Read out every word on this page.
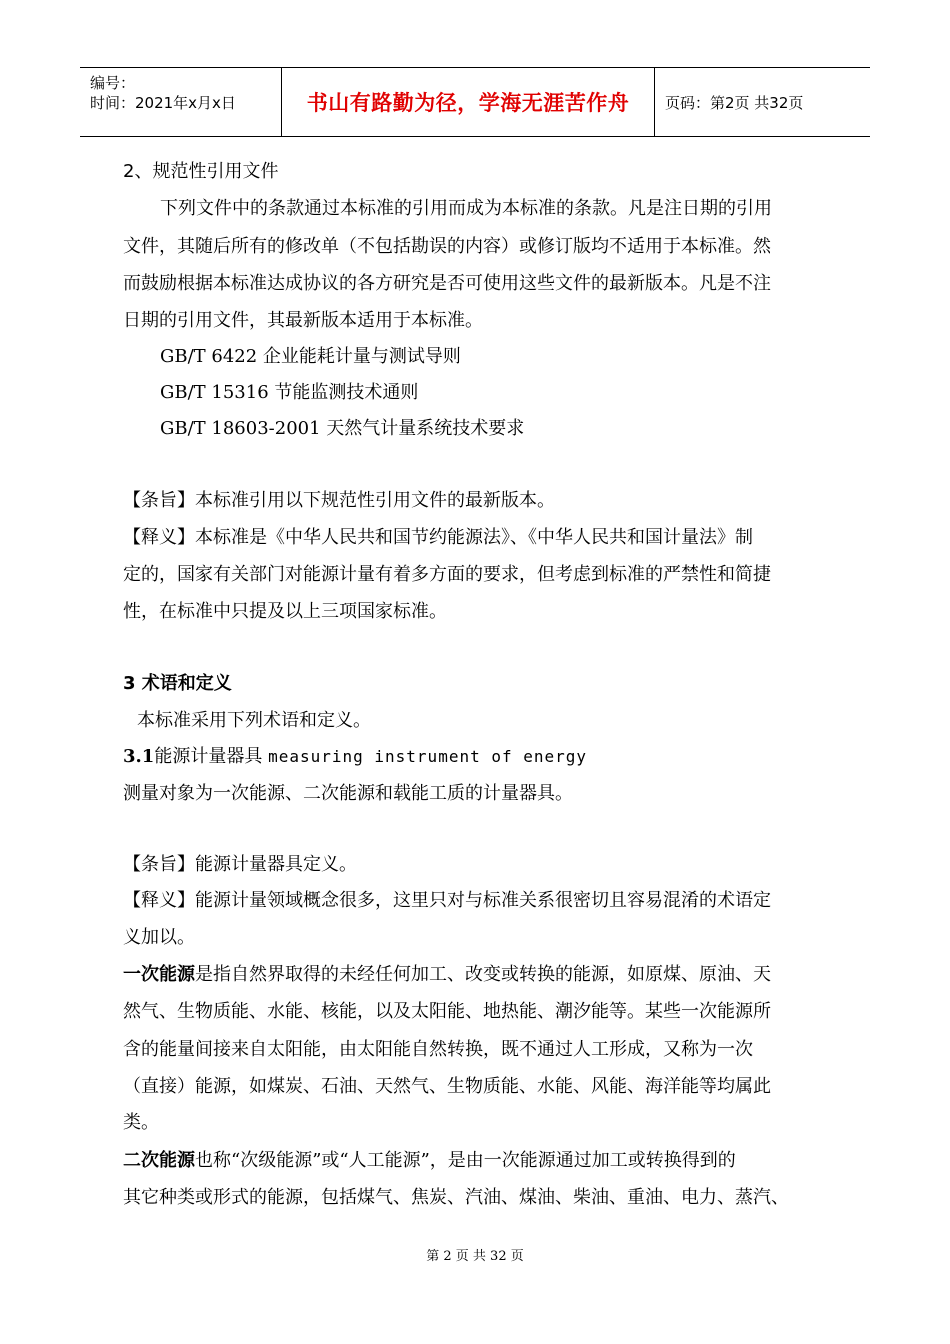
编号：
时间：2021年x月x日	书山有路勤为径，学海无涯苦作舟 页码：第2页 共32页
2、规范性引用文件
下列文件中的条款通过本标准的引用而成为本标准的条款。凡是注日期的引用
文件，其随后所有的修改单（不包括勘误的内容）或修订版均不适用于本标准。然
而鼓励根据本标准达成协议的各方研究是否可使用这些文件的最新版本。凡是不注
日期的引用文件，其最新版本适用于本标准。
GB/T 6422 企业能耗计量与测试导则
GB/T 15316 节能监测技术通则
GB/T 18603-2001 天然气计量系统技术要求
【条旨】本标准引用以下规范性引用文件的最新版本。
【释义】本标准是《中华人民共和国节约能源法》、《中华人民共和国计量法》制
定的，国家有关部门对能源计量有着多方面的要求，但考虑到标准的严禁性和简捷
性，在标准中只提及以上三项国家标准。
3 术语和定义
本标准采用下列术语和定义。
3.1能源计量器具 measuring instrument of energy
测量对象为一次能源、二次能源和载能工质的计量器具。
【条旨】能源计量器具定义。
【释义】能源计量领域概念很多，这里只对与标准关系很密切且容易混淆的术语定
义加以。
一次能源是指自然界取得的未经任何加工、改变或转换的能源，如原煤、原油、天
然气、生物质能、水能、核能，以及太阳能、地热能、潮汐能等。某些一次能源所
含的能量间接来自太阳能，由太阳能自然转换，既不通过人工形成，又称为一次
（直接）能源，如煤炭、石油、天然气、生物质能、水能、风能、海洋能等均属此
类。
二次能源也称“次级能源”或“人工能源”，是由一次能源通过加工或转换得到的
其它种类或形式的能源，包括煤气、焦炭、汽油、煤油、柴油、重油、电力、蒸汽、
第 2 页 共 32 页
